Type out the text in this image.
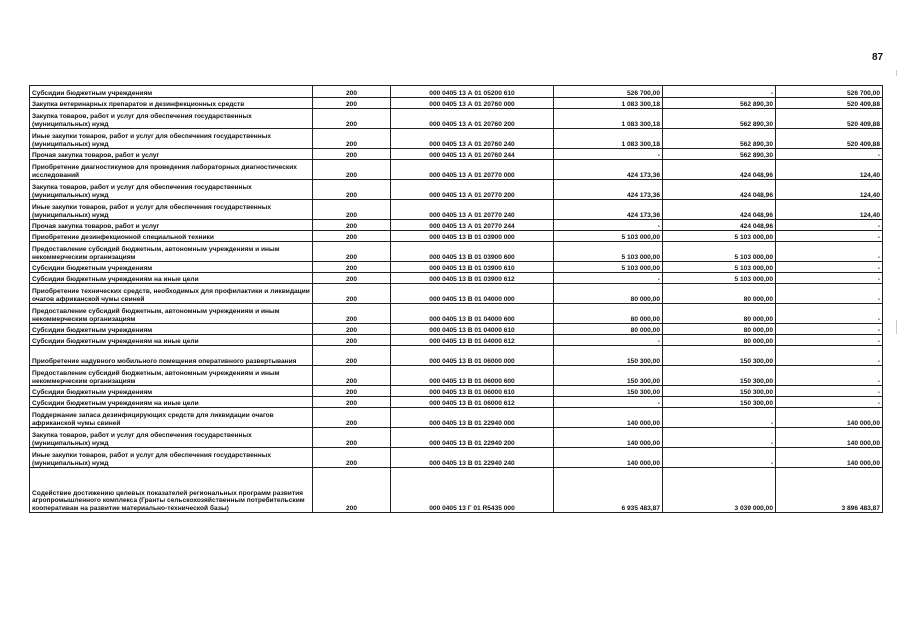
87
Субсидии бюджетным учреждениям	200	000 0405 13 А 01 05200 610	526 700,00	-	526 700,00
Закупка ветеринарных препаратов и дезинфекционных средств	200	000 0405 13 А 01 20760 000	1 083 300,18	562 890,30	520 409,88
Закупка товаров, работ и услуг для обеспечения государственных (муниципальных) нужд	200	000 0405 13 А 01 20760 200	1 083 300,18	562 890,30	520 409,88
Иные закупки товаров, работ и услуг для обеспечения государственных (муниципальных) нужд	200	000 0405 13 А 01 20760 240	1 083 300,18	562 890,30	520 409,88
Прочая закупка товаров, работ и услуг	200	000 0405 13 А 01 20760 244	-	562 890,30	-
Приобретение диагностикумов для проведения лабораторных диагностических исследований	200	000 0405 13 А 01 20770 000	424 173,36	424 048,96	124,40
Закупка товаров, работ и услуг для обеспечения государственных (муниципальных) нужд	200	000 0405 13 А 01 20770 200	424 173,36	424 048,96	124,40
Иные закупки товаров, работ и услуг для обеспечения государственных (муниципальных) нужд	200	000 0405 13 А 01 20770 240	424 173,36	424 048,96	124,40
Прочая закупка товаров, работ и услуг	200	000 0405 13 А 01 20770 244	-	424 048,96	-
Приобретение дезинфекционной специальной техники	200	000 0405 13 В 01 03900 000	5 103 000,00	5 103 000,00	-
Предоставление субсидий бюджетным, автономным учреждениям и иным некоммерческим организациям	200	000 0405 13 В 01 03900 600	5 103 000,00	5 103 000,00	-
Субсидии бюджетным учреждениям	200	000 0405 13 В 01 03900 610	5 103 000,00	5 103 000,00	-
Субсидии бюджетным учреждениям на иные цели	200	000 0405 13 В 01 03900 612	-	5 103 000,00	-
Приобретение технических средств, необходимых для профилактики и ликвидации очагов африканской чумы свиней	200	000 0405 13 В 01 04000 000	80 000,00	80 000,00	-
Предоставление субсидий бюджетным, автономным учреждениям и иным некоммерческим организациям	200	000 0405 13 В 01 04000 600	80 000,00	80 000,00	-
Субсидии бюджетным учреждениям	200	000 0405 13 В 01 04000 610	80 000,00	80 000,00	-
Субсидии бюджетным учреждениям на иные цели	200	000 0405 13 В 01 04000 612	-	80 000,00	-
Приобретение надувного мобильного помещения оперативного развертывания	200	000 0405 13 В 01 06000 000	150 300,00	150 300,00	-
Предоставление субсидий бюджетным, автономным учреждениям и иным некоммерческим организациям	200	000 0405 13 В 01 06000 600	150 300,00	150 300,00	-
Субсидии бюджетным учреждениям	200	000 0405 13 В 01 06000 610	150 300,00	150 300,00	-
Субсидии бюджетным учреждениям на иные цели	200	000 0405 13 В 01 06000 612	-	150 300,00	-
Поддержание запаса дезинфицирующих средств для ликвидации очагов африканской чумы свиней	200	000 0405 13 В 01 22940 000	140 000,00	-	140 000,00
Закупка товаров, работ и услуг для обеспечения государственных (муниципальных) нужд	200	000 0405 13 В 01 22940 200	140 000,00	-	140 000,00
Иные закупки товаров, работ и услуг для обеспечения государственных (муниципальных) нужд	200	000 0405 13 В 01 22940 240	140 000,00	-	140 000,00
Содействие достижению целевых показателей региональных программ развития агропромышленного комплекса (Гранты сельскохозяйственным потребительским кооперативам на развитие материально-технической базы)	200	000 0405 13 Г 01 R5435 000	6 935 483,87	3 039 000,00	3 896 483,87
